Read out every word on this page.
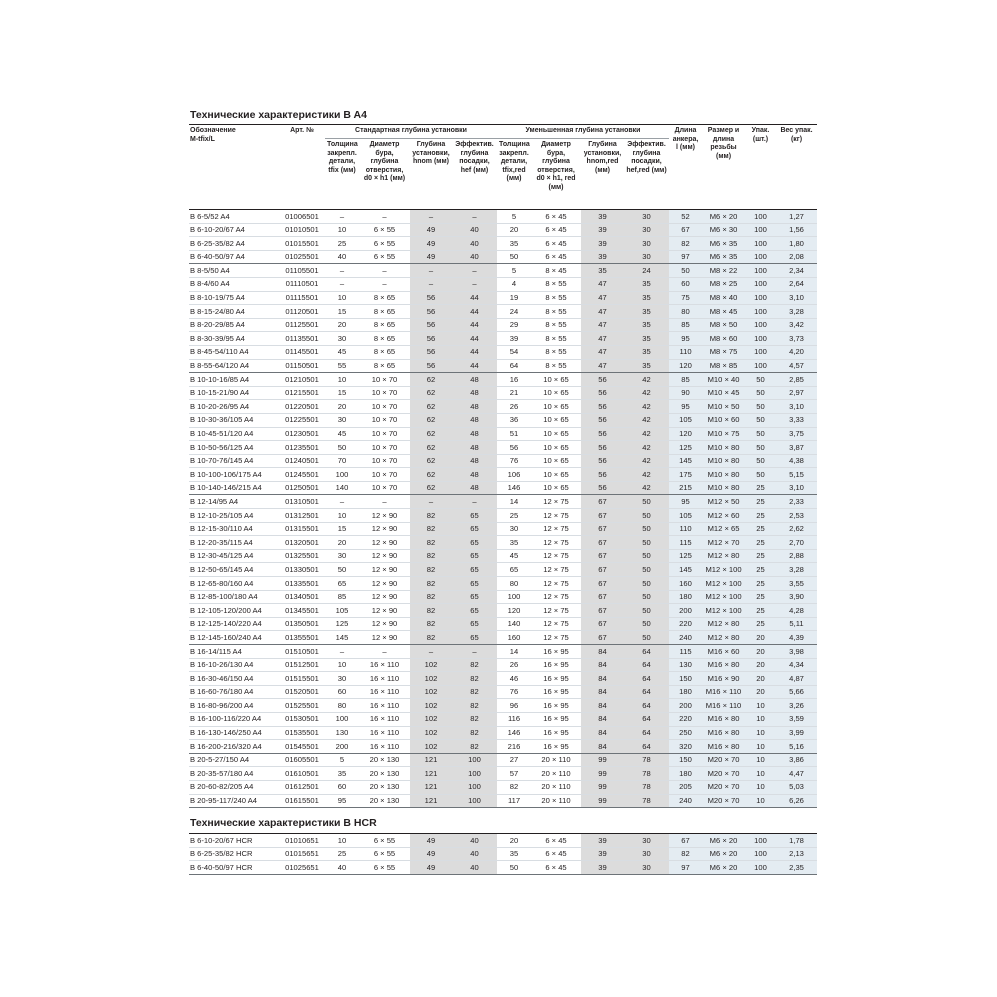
Технические характеристики B A4
Обозначение
M-tfix/L	Арт. №	Стандартная глубина установки				Уменьшенная глубина установки				Длина анкера, l (мм)	Размер и длина резьбы (мм)	Упак. (шт.)	Вес упак. (кг)
		Толщина закрепл. детали, tfix (мм)	Диаметр бура, глубина отверстия, d0 × h1 (мм)	Глубина установки, hnom (мм)	Эффектив. глубина посадки, hef (мм)	Толщина закрепл. детали, tfix,red (мм)	Диаметр бура, глубина отверстия, d0 × h1, red (мм)	Глубина установки, hnom,red (мм)	Эффектив. глубина посадки, hef,red (мм)				
B 6-5/52 A4	01006501	–	–	–	–	5	6 × 45	39	30	52	M6 × 20	100	1,27
B 6-10-20/67 A4	01010501	10	6 × 55	49	40	20	6 × 45	39	30	67	M6 × 30	100	1,56
B 6-25-35/82 A4	01015501	25	6 × 55	49	40	35	6 × 45	39	30	82	M6 × 35	100	1,80
B 6-40-50/97 A4	01025501	40	6 × 55	49	40	50	6 × 45	39	30	97	M6 × 35	100	2,08
B 8-5/50 A4	01105501	–	–	–	–	5	8 × 45	35	24	50	M8 × 22	100	2,34
B 8-4/60 A4	01110501	–	–	–	–	4	8 × 55	47	35	60	M8 × 25	100	2,64
B 8-10-19/75 A4	01115501	10	8 × 65	56	44	19	8 × 55	47	35	75	M8 × 40	100	3,10
B 8-15-24/80 A4	01120501	15	8 × 65	56	44	24	8 × 55	47	35	80	M8 × 45	100	3,28
B 8-20-29/85 A4	01125501	20	8 × 65	56	44	29	8 × 55	47	35	85	M8 × 50	100	3,42
B 8-30-39/95 A4	01135501	30	8 × 65	56	44	39	8 × 55	47	35	95	M8 × 60	100	3,73
B 8-45-54/110 A4	01145501	45	8 × 65	56	44	54	8 × 55	47	35	110	M8 × 75	100	4,20
B 8-55-64/120 A4	01150501	55	8 × 65	56	44	64	8 × 55	47	35	120	M8 × 85	100	4,57
B 10-10-16/85 A4	01210501	10	10 × 70	62	48	16	10 × 65	56	42	85	M10 × 40	50	2,85
B 10-15-21/90 A4	01215501	15	10 × 70	62	48	21	10 × 65	56	42	90	M10 × 45	50	2,97
B 10-20-26/95 A4	01220501	20	10 × 70	62	48	26	10 × 65	56	42	95	M10 × 50	50	3,10
B 10-30-36/105 A4	01225501	30	10 × 70	62	48	36	10 × 65	56	42	105	M10 × 60	50	3,33
B 10-45-51/120 A4	01230501	45	10 × 70	62	48	51	10 × 65	56	42	120	M10 × 75	50	3,75
B 10-50-56/125 A4	01235501	50	10 × 70	62	48	56	10 × 65	56	42	125	M10 × 80	50	3,87
B 10-70-76/145 A4	01240501	70	10 × 70	62	48	76	10 × 65	56	42	145	M10 × 80	50	4,38
B 10-100-106/175 A4	01245501	100	10 × 70	62	48	106	10 × 65	56	42	175	M10 × 80	50	5,15
B 10-140-146/215 A4	01250501	140	10 × 70	62	48	146	10 × 65	56	42	215	M10 × 80	25	3,10
B 12-14/95 A4	01310501	–	–	–	–	14	12 × 75	67	50	95	M12 × 50	25	2,33
B 12-10-25/105 A4	01312501	10	12 × 90	82	65	25	12 × 75	67	50	105	M12 × 60	25	2,53
B 12-15-30/110 A4	01315501	15	12 × 90	82	65	30	12 × 75	67	50	110	M12 × 65	25	2,62
B 12-20-35/115 A4	01320501	20	12 × 90	82	65	35	12 × 75	67	50	115	M12 × 70	25	2,70
B 12-30-45/125 A4	01325501	30	12 × 90	82	65	45	12 × 75	67	50	125	M12 × 80	25	2,88
B 12-50-65/145 A4	01330501	50	12 × 90	82	65	65	12 × 75	67	50	145	M12 × 100	25	3,28
B 12-65-80/160 A4	01335501	65	12 × 90	82	65	80	12 × 75	67	50	160	M12 × 100	25	3,55
B 12-85-100/180 A4	01340501	85	12 × 90	82	65	100	12 × 75	67	50	180	M12 × 100	25	3,90
B 12-105-120/200 A4	01345501	105	12 × 90	82	65	120	12 × 75	67	50	200	M12 × 100	25	4,28
B 12-125-140/220 A4	01350501	125	12 × 90	82	65	140	12 × 75	67	50	220	M12 × 80	25	5,11
B 12-145-160/240 A4	01355501	145	12 × 90	82	65	160	12 × 75	67	50	240	M12 × 80	20	4,39
B 16-14/115 A4	01510501	–	–	–	–	14	16 × 95	84	64	115	M16 × 60	20	3,98
B 16-10-26/130 A4	01512501	10	16 × 110	102	82	26	16 × 95	84	64	130	M16 × 80	20	4,34
B 16-30-46/150 A4	01515501	30	16 × 110	102	82	46	16 × 95	84	64	150	M16 × 90	20	4,87
B 16-60-76/180 A4	01520501	60	16 × 110	102	82	76	16 × 95	84	64	180	M16 × 110	20	5,66
B 16-80-96/200 A4	01525501	80	16 × 110	102	82	96	16 × 95	84	64	200	M16 × 110	10	3,26
B 16-100-116/220 A4	01530501	100	16 × 110	102	82	116	16 × 95	84	64	220	M16 × 80	10	3,59
B 16-130-146/250 A4	01535501	130	16 × 110	102	82	146	16 × 95	84	64	250	M16 × 80	10	3,99
B 16-200-216/320 A4	01545501	200	16 × 110	102	82	216	16 × 95	84	64	320	M16 × 80	10	5,16
B 20-5-27/150 A4	01605501	5	20 × 130	121	100	27	20 × 110	99	78	150	M20 × 70	10	3,86
B 20-35-57/180 A4	01610501	35	20 × 130	121	100	57	20 × 110	99	78	180	M20 × 70	10	4,47
B 20-60-82/205 A4	01612501	60	20 × 130	121	100	82	20 × 110	99	78	205	M20 × 70	10	5,03
B 20-95-117/240 A4	01615501	95	20 × 130	121	100	117	20 × 110	99	78	240	M20 × 70	10	6,26
Технические характеристики B HCR
B 6-10-20/67 HCR	01010651	10	6 × 55	49	40	20	6 × 45	39	30	67	M6 × 20	100	1,78
B 6-25-35/82 HCR	01015651	25	6 × 55	49	40	35	6 × 45	39	30	82	M6 × 20	100	2,13
B 6-40-50/97 HCR	01025651	40	6 × 55	49	40	50	6 × 45	39	30	97	M6 × 20	100	2,35
